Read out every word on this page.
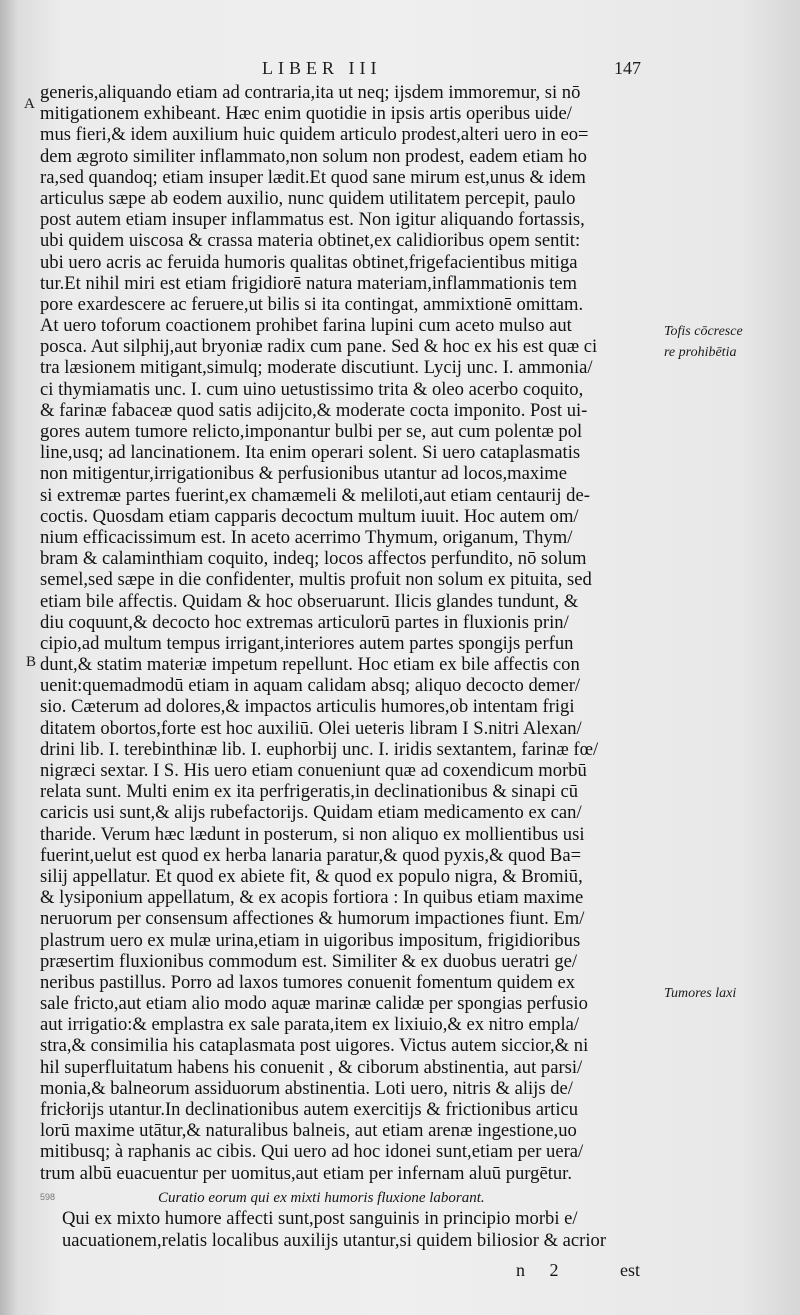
LIBER III	147
A
B
Tofis cōcresce
re prohibētia
Tumores laxi
generis,aliquando etiam ad contraria,ita ut neq; ijsdem immoremur, si nō
mitigationem exhibeant. Hæc enim quotidie in ipsis artis operibus uide/
mus fieri,& idem auxilium huic quidem articulo prodest,alteri uero in eo=
dem ægroto similiter inflammato,non solum non prodest, eadem etiam ho
ra,sed quandoq; etiam insuper lædit.Et quod sane mirum est,unus & idem
articulus sæpe ab eodem auxilio, nunc quidem utilitatem percepit, paulo
post autem etiam insuper inflammatus est. Non igitur aliquando fortassis,
ubi quidem uiscosa & crassa materia obtinet,ex calidioribus opem sentit:
ubi uero acris ac feruida humoris qualitas obtinet,frigefacientibus mitiga
tur.Et nihil miri est etiam frigidiorē natura materiam,inflammationis tem
pore exardescere ac feruere,ut bilis si ita contingat, ammixtionē omittam.
At uero toforum coactionem prohibet farina lupini cum aceto mulso aut
posca. Aut silphij,aut bryoniæ radix cum pane. Sed & hoc ex his est quæ ci
tra læsionem mitigant,simulq; moderate discutiunt. Lycij unc. I. ammonia/
ci thymiamatis unc. I. cum uino uetustissimo trita & oleo acerbo coquito,
& farinæ fabaceæ quod satis adijcito,& moderate cocta imponito. Post ui-
gores autem tumore relicto,imponantur bulbi per se, aut cum polentæ pol
line,usq; ad lancinationem. Ita enim operari solent. Si uero cataplasmatis
non mitigentur,irrigationibus & perfusionibus utantur ad locos,maxime
si extremæ partes fuerint,ex chamæmeli & meliloti,aut etiam centaurij de-
coctis. Quosdam etiam capparis decoctum multum iuuit. Hoc autem om/
nium efficacissimum est. In aceto acerrimo Thymum, origanum, Thym/
bram & calaminthiam coquito, indeq; locos affectos perfundito, nō solum
semel,sed sæpe in die confidenter, multis profuit non solum ex pituita, sed
etiam bile affectis. Quidam & hoc obseruarunt. Ilicis glandes tundunt, &
diu coquunt,& decocto hoc extremas articulorū partes in fluxionis prin/
cipio,ad multum tempus irrigant,interiores autem partes spongijs perfun
dunt,& statim materiæ impetum repellunt. Hoc etiam ex bile affectis con
uenit:quemadmodū etiam in aquam calidam absq; aliquo decocto demer/
sio. Cæterum ad dolores,& impactos articulis humores,ob intentam frigi
ditatem obortos,forte est hoc auxiliū. Olei ueteris libram I S.nitri Alexan/
drini lib. I. terebinthinæ lib. I. euphorbij unc. I. iridis sextantem, farinæ fœ/
nigræci sextar. I S. His uero etiam conueniunt quæ ad coxendicum morbū
relata sunt. Multi enim ex ita perfrigeratis,in declinationibus & sinapi cū
caricis usi sunt,& alijs rubefactorijs. Quidam etiam medicamento ex can/
tharide. Verum hæc lædunt in posterum, si non aliquo ex mollientibus usi
fuerint,uelut est quod ex herba lanaria paratur,& quod pyxis,& quod Ba=
silij appellatur. Et quod ex abiete fit, & quod ex populo nigra, & Bromiū,
& lysiponium appellatum, & ex acopis fortiora : In quibus etiam maxime
neruorum per consensum affectiones & humorum impactiones fiunt. Em/
plastrum uero ex mulæ urina,etiam in uigoribus impositum, frigidioribus
præsertim fluxionibus commodum est. Similiter & ex duobus ueratri ge/
neribus pastillus. Porro ad laxos tumores conuenit fomentum quidem ex
sale fricto,aut etiam alio modo aquæ marinæ calidæ per spongias perfusio
aut irrigatio:& emplastra ex sale parata,item ex lixiuio,& ex nitro empla/
stra,& consimilia his cataplasmata post uigores. Victus autem siccior,& ni
hil superfluitatum habens his conuenit , & ciborum abstinentia, aut parsi/
monia,& balneorum assiduorum abstinentia. Loti uero, nitris & alijs de/
fricłorijs utantur.In declinationibus autem exercitijs & frictionibus articu
lorū maxime utātur,& naturalibus balneis, aut etiam arenæ ingestione,uo
mitibusq; à raphanis ac cibis. Qui uero ad hoc idonei sunt,etiam per uera/
trum albū euacuentur per uomitus,aut etiam per infernam aluū purgētur.
598	Curatio eorum qui ex mixti humoris fluxione laborant.
Qui ex mixto humore affecti sunt,post sanguinis in principio morbi e/
uacuationem,relatis localibus auxilijs utantur,si quidem biliosior & acrior
n 2	est
